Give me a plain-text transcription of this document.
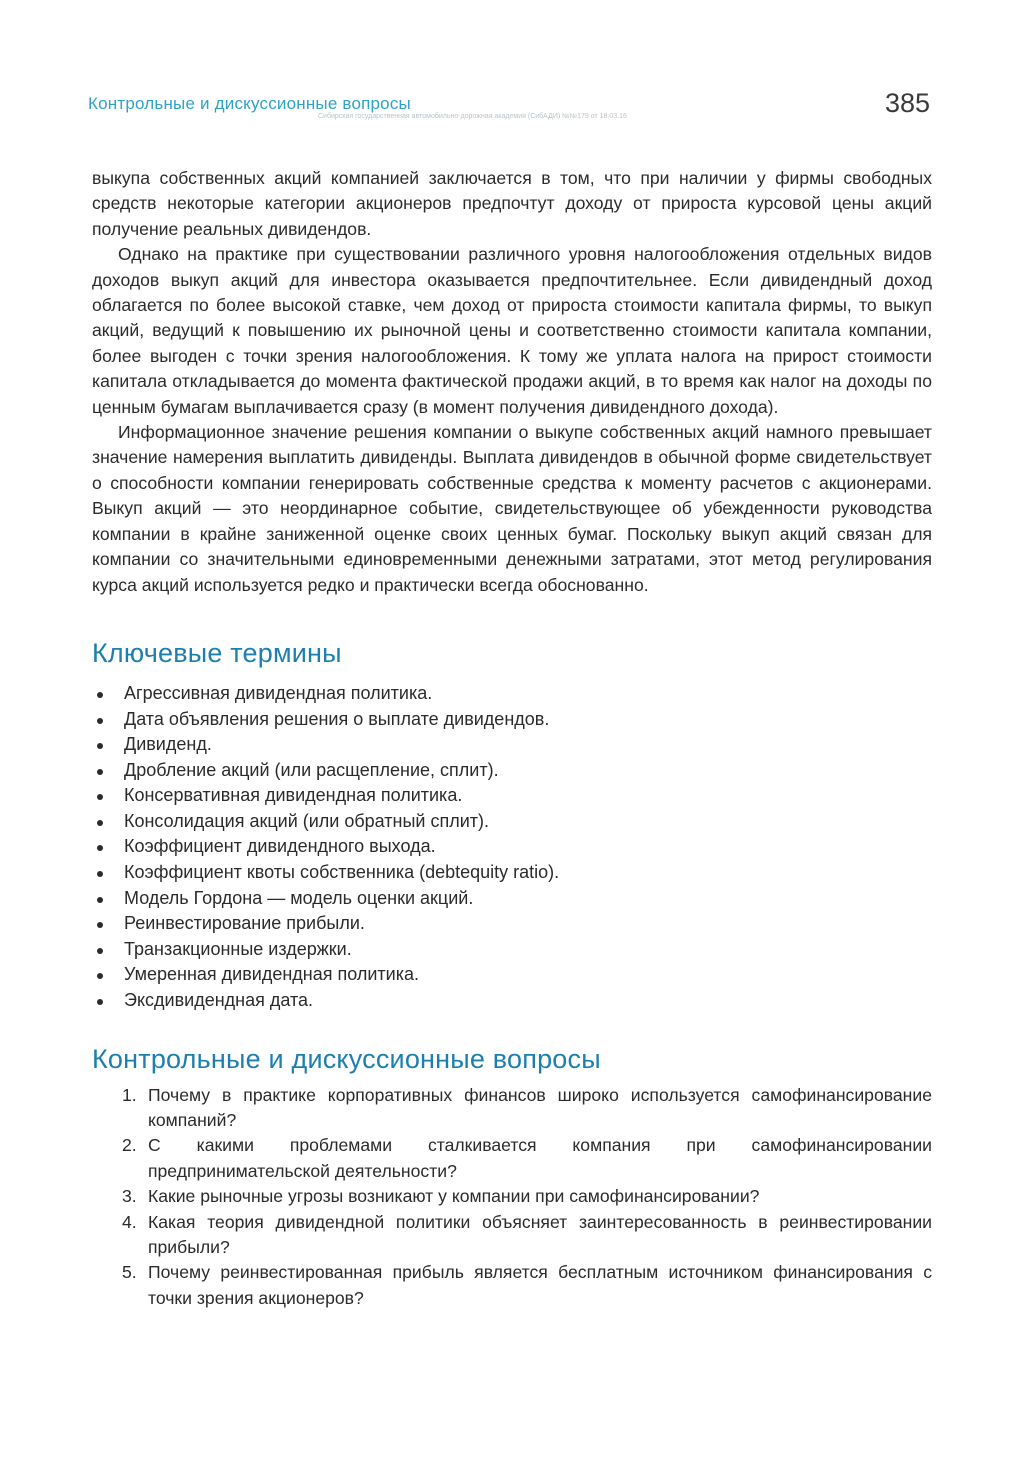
Контрольные и дискуссионные вопросы
Сибирская государственная автомобильно-дорожная академия (СибАДИ) №№179 от 18.03.16	385

выкупа собственных акций компанией заключается в том, что при наличии у фирмы свободных средств некоторые категории акционеров предпочтут доходу от прироста курсовой цены акций получение реальных дивидендов.

Однако на практике при существовании различного уровня налогообложения отдельных видов доходов выкуп акций для инвестора оказывается предпочтительнее. Если дивидендный доход облагается по более высокой ставке, чем доход от прироста стоимости капитала фирмы, то выкуп акций, ведущий к повышению их рыночной цены и соответственно стоимости капитала компании, более выгоден с точки зрения налогообложения. К тому же уплата налога на прирост стоимости капитала откладывается до момента фактической продажи акций, в то время как налог на доходы по ценным бумагам выплачивается сразу (в момент получения дивидендного дохода).

Информационное значение решения компании о выкупе собственных акций намного превышает значение намерения выплатить дивиденды. Выплата дивидендов в обычной форме свидетельствует о способности компании генерировать собственные средства к моменту расчетов с акционерами. Выкуп акций — это неординарное событие, свидетельствующее об убежденности руководства компании в крайне заниженной оценке своих ценных бумаг. Поскольку выкуп акций связан для компании со значительными единовременными денежными затратами, этот метод регулирования курса акций используется редко и практически всегда обоснованно.

Ключевые термины
Агрессивная дивидендная политика.
Дата объявления решения о выплате дивидендов.
Дивиденд.
Дробление акций (или расщепление, сплит).
Консервативная дивидендная политика.
Консолидация акций (или обратный сплит).
Коэффициент дивидендного выхода.
Коэффициент квоты собственника (debtequity ratio).
Модель Гордона — модель оценки акций.
Реинвестирование прибыли.
Транзакционные издержки.
Умеренная дивидендная политика.
Эксдивидендная дата.
Контрольные и дискуссионные вопросы
1. Почему в практике корпоративных финансов широко используется самофинансирование компаний?
2. С какими проблемами сталкивается компания при самофинансировании предпринимательской деятельности?
3. Какие рыночные угрозы возникают у компании при самофинансировании?
4. Какая теория дивидендной политики объясняет заинтересованность в реинвестировании прибыли?
5. Почему реинвестированная прибыль является бесплатным источником финансирования с точки зрения акционеров?
